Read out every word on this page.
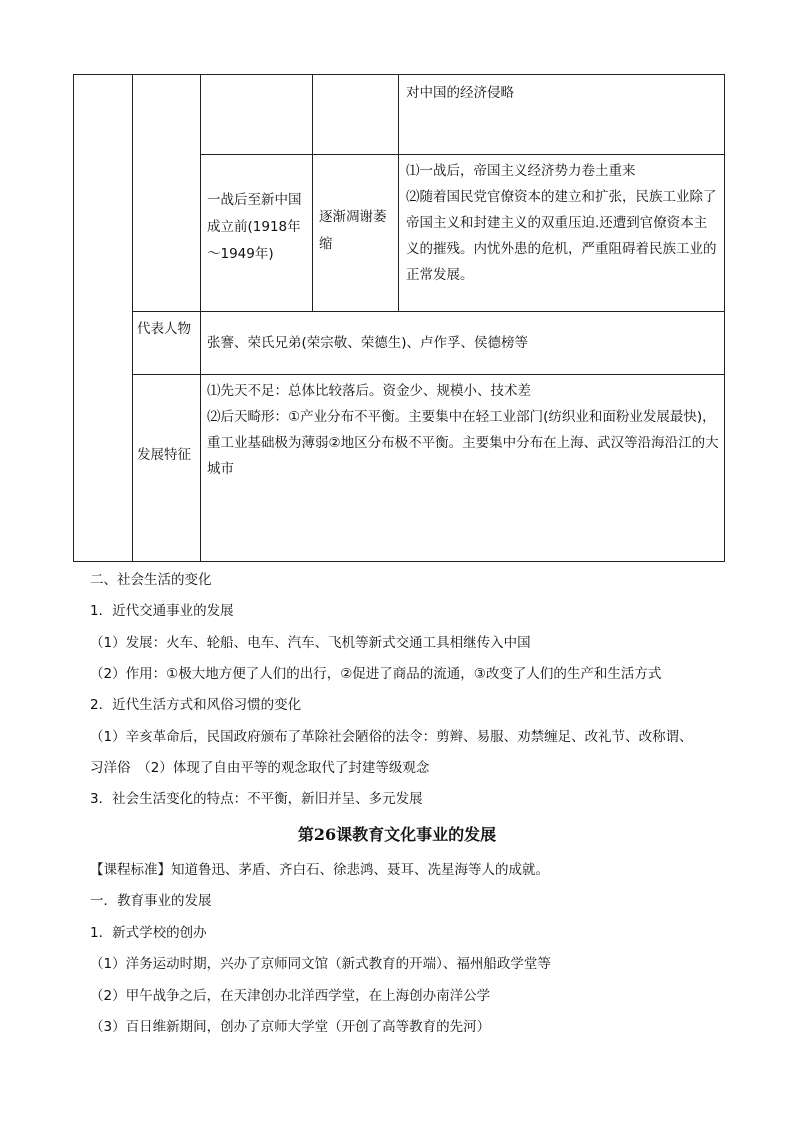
对中国的经济侵略

一战后至新中国成立前(1918年～1949年)

逐渐凋谢萎缩

⑴一战后，帝国主义经济势力卷土重来

⑵随着国民党官僚资本的建立和扩张，民族工业除了帝国主义和封建主义的双重压迫.还遭到官僚资本主义的摧残。内忧外患的危机，严重阻碍着民族工业的正常发展。

代表人物

张謇、荣氏兄弟(荣宗敬、荣德生)、卢作孚、侯德榜等

发展特征

⑴先天不足：总体比较落后。资金少、规模小、技术差

⑵后天畸形：①产业分布不平衡。主要集中在轻工业部门(纺织业和面粉业发展最快)，重工业基础极为薄弱②地区分布极不平衡。主要集中分布在上海、武汉等沿海沿江的大城市

二、社会生活的变化
1．近代交通事业的发展
（1）发展：火车、轮船、电车、汽车、飞机等新式交通工具相继传入中国
（2）作用：①极大地方便了人们的出行，②促进了商品的流通，③改变了人们的生产和生活方式
2．近代生活方式和风俗习惯的变化
（1）辛亥革命后，民国政府颁布了革除社会陋俗的法令：剪辫、易服、劝禁缠足、改礼节、改称谓、
习洋俗　（2）体现了自由平等的观念取代了封建等级观念
3．社会生活变化的特点：不平衡，新旧并呈、多元发展
第26课教育文化事业的发展
【课程标准】知道鲁迅、茅盾、齐白石、徐悲鸿、聂耳、冼星海等人的成就。
一．教育事业的发展
1．新式学校的创办
（1）洋务运动时期，兴办了京师同文馆（新式教育的开端）、福州船政学堂等
（2）甲午战争之后，在天津创办北洋西学堂，在上海创办南洋公学
（3）百日维新期间，创办了京师大学堂（开创了高等教育的先河）
